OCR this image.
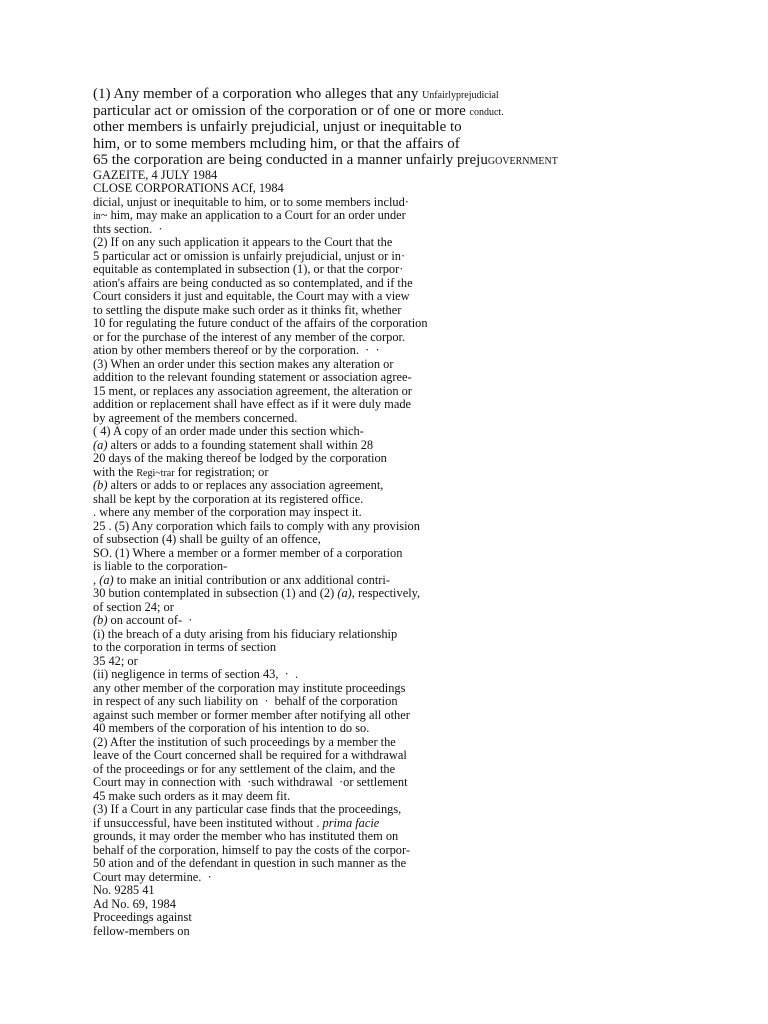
(1) Any member of a corporation who alleges that any Unfairlyprejudicial
particular act or omission of the corporation or of one or more conduct.
other members is unfairly prejudicial, unjust or inequitable to
him, or to some members mcluding him, or that the affairs of
65 the corporation are being conducted in a manner unfairly prejuGOVERNMENT
GAZEITE, 4 JULY 1984
CLOSE CORPORATIONS ACf, 1984
dicial, unjust or inequitable to him, or to some members includ·
in~ him, may make an application to a Court for an order under
thts section.  ·
(2) If on any such application it appears to the Court that the
5 particular act or omission is unfairly prejudicial, unjust or in·
equitable as contemplated in subsection (1), or that the corpor·
ation's affairs are being conducted as so contemplated, and if the
Court considers it just and equitable, the Court may with a view
to settling the dispute make such order as it thinks fit, whether
10 for regulating the future conduct of the affairs of the corporation
or for the purchase of the interest of any member of the corpor.
ation by other members thereof or by the corporation.  ·  ·
(3) When an order under this section makes any alteration or
addition to the relevant founding statement or association agree-
15 ment, or replaces any association agreement, the alteration or
addition or replacement shall have effect as if it were duly made
by agreement of the members concerned.
( 4) A copy of an order made under this section which-
(a) alters or adds to a founding statement shall within 28
20 days of the making thereof be lodged by the corporation
with the Regi~trar for registration; or
(b) alters or adds to or replaces any association agreement,
shall be kept by the corporation at its registered office.
. where any member of the corporation may inspect it.
25 . (5) Any corporation which fails to comply with any provision
of subsection (4) shall be guilty of an offence,
SO. (1) Where a member or a former member of a corporation
is liable to the corporation-
, (a) to make an initial contribution or anx additional contri-
30 bution contemplated in subsection (1) and (2) (a), respectively,
of section 24; or
(b) on account of-  ·
(i) the breach of a duty arising from his fiduciary relationship
to the corporation in terms of section
35 42; or
(ii) negligence in terms of section 43,  ·  .
any other member of the corporation may institute proceedings
in respect of any such liability on  ·  behalf of the corporation
against such member or former member after notifying all other
40 members of the corporation of his intention to do so.
(2) After the institution of such proceedings by a member the
leave of the Court concerned shall be required for a withdrawal
of the proceedings or for any settlement of the claim, and the
Court may in connection with  ·such withdrawal  ·or settlement
45 make such orders as it may deem fit.
(3) If a Court in any particular case finds that the proceedings,
if unsuccessful, have been instituted without . prima facie
grounds, it may order the member who has instituted them on
behalf of the corporation, himself to pay the costs of the corpor-
50 ation and of the defendant in question in such manner as the
Court may determine.  ·
No. 9285 41
Ad No. 69, 1984
Proceedings against
fellow-members on
